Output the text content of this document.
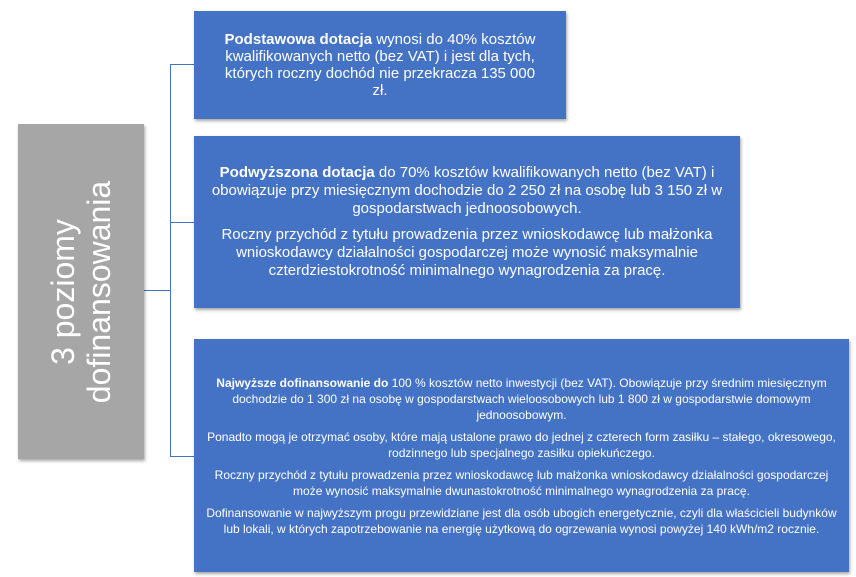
3 poziomy dofinansowania

Podstawowa dotacja wynosi do 40% kosztów kwalifikowanych netto (bez VAT) i jest dla tych, których roczny dochód nie przekracza 135 000 zł.

Podwyższona dotacja do 70% kosztów kwalifikowanych netto (bez VAT) i obowiązuje przy miesięcznym dochodzie do 2 250 zł na osobę lub 3 150 zł w gospodarstwach jednoosobowych.

Roczny przychód z tytułu prowadzenia przez wnioskodawcę lub małżonka wnioskodawcy działalności gospodarczej może wynosić maksymalnie czterdziestokrotność minimalnego wynagrodzenia za pracę.

Najwyższe dofinansowanie do 100 % kosztów netto inwestycji (bez VAT). Obowiązuje przy średnim miesięcznym dochodzie do 1 300 zł na osobę w gospodarstwach wieloosobowych lub 1 800 zł w gospodarstwie domowym jednoosobowym.

Ponadto mogą je otrzymać osoby, które mają ustalone prawo do jednej z czterech form zasiłku – stałego, okresowego, rodzinnego lub specjalnego zasiłku opiekuńczego.

Roczny przychód z tytułu prowadzenia przez wnioskodawcę lub małżonka wnioskodawcy działalności gospodarczej może wynosić maksymalnie dwunastokrotność minimalnego wynagrodzenia za pracę.

Dofinansowanie w najwyższym progu przewidziane jest dla osób ubogich energetycznie, czyli dla właścicieli budynków lub lokali, w których zapotrzebowanie na energię użytkową do ogrzewania wynosi powyżej 140 kWh/m2 rocznie.
